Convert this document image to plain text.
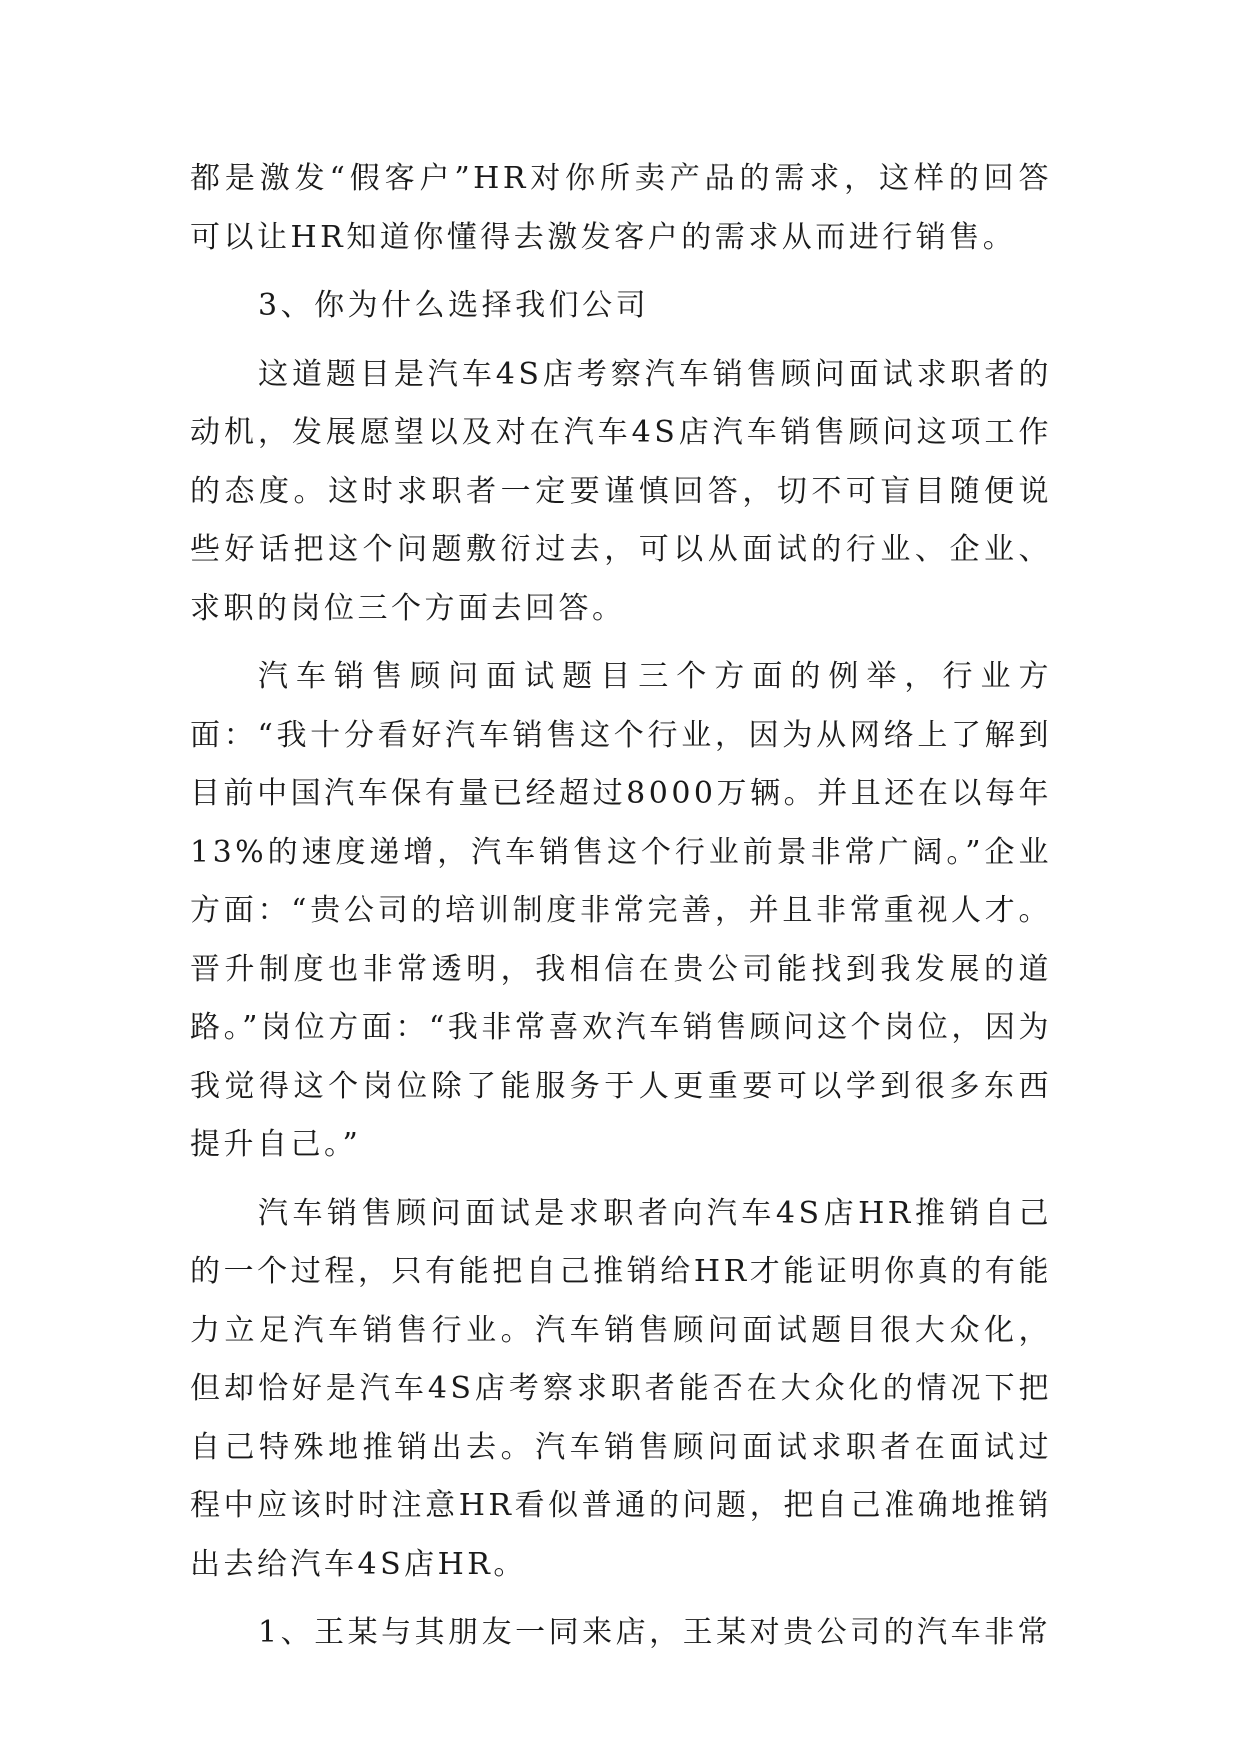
都是激发“假客户”HR对你所卖产品的需求，这样的回答可以让HR知道你懂得去激发客户的需求从而进行销售。

3、你为什么选择我们公司

这道题目是汽车4S店考察汽车销售顾问面试求职者的动机，发展愿望以及对在汽车4S店汽车销售顾问这项工作的态度。这时求职者一定要谨慎回答，切不可盲目随便说些好话把这个问题敷衍过去，可以从面试的行业、企业、求职的岗位三个方面去回答。

汽车销售顾问面试题目三个方面的例举，行业方面：“我十分看好汽车销售这个行业，因为从网络上了解到目前中国汽车保有量已经超过8000万辆。并且还在以每年13%的速度递增，汽车销售这个行业前景非常广阔。”企业方面：“贵公司的培训制度非常完善，并且非常重视人才。晋升制度也非常透明，我相信在贵公司能找到我发展的道路。”岗位方面：“我非常喜欢汽车销售顾问这个岗位，因为我觉得这个岗位除了能服务于人更重要可以学到很多东西提升自己。”

汽车销售顾问面试是求职者向汽车4S店HR推销自己的一个过程，只有能把自己推销给HR才能证明你真的有能力立足汽车销售行业。汽车销售顾问面试题目很大众化，但却恰好是汽车4S店考察求职者能否在大众化的情况下把自己特殊地推销出去。汽车销售顾问面试求职者在面试过程中应该时时注意HR看似普通的问题，把自己准确地推销出去给汽车4S店HR。

1、王某与其朋友一同来店，王某对贵公司的汽车非常
